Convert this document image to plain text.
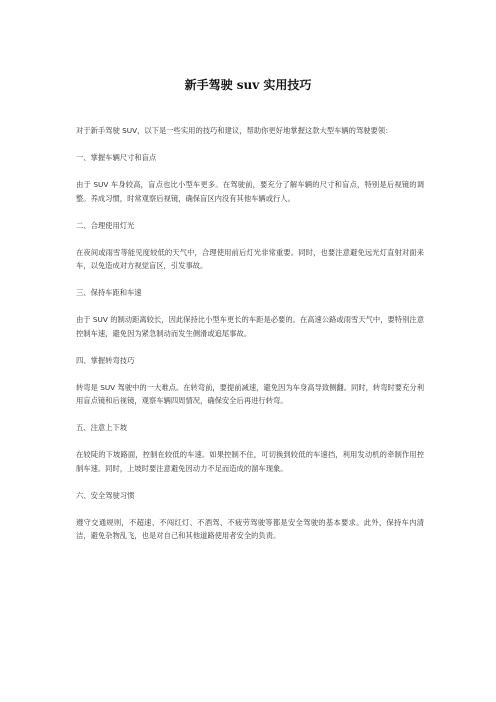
新手驾驶 suv 实用技巧

对于新手驾驶 SUV，以下是一些实用的技巧和建议，帮助你更好地掌握这款大型车辆的驾驶要领：

一、掌握车辆尺寸和盲点

由于 SUV 车身较高，盲点也比小型车更多。在驾驶前，要充分了解车辆的尺寸和盲点，特别是后视镜的调整。养成习惯，时常观察后视镜，确保盲区内没有其他车辆或行人。

二、合理使用灯光

在夜间或雨雪等能见度较低的天气中，合理使用前后灯光非常重要。同时，也要注意避免远光灯直射对面来车，以免造成对方视觉盲区，引发事故。

三、保持车距和车速

由于 SUV 的制动距离较长，因此保持比小型车更长的车距是必要的。在高速公路或雨雪天气中，要特别注意控制车速，避免因为紧急制动而发生侧滑或追尾事故。

四、掌握转弯技巧

转弯是 SUV 驾驶中的一大难点。在转弯前，要提前减速，避免因为车身高导致侧翻。同时，转弯时要充分利用盲点镜和后视镜，观察车辆四周情况，确保安全后再进行转弯。

五、注意上下坡

在较陡的下坡路面，控制在较低的车速。如果控制不住，可切换到较低的车速挡，利用发动机的牵制作用控制车速。同时，上坡时要注意避免因动力不足而造成的溜车现象。

六、安全驾驶习惯

遵守交通规则，不超速、不闯红灯、不酒驾、不疲劳驾驶等都是安全驾驶的基本要求。此外，保持车内清洁，避免杂物乱飞，也是对自己和其他道路使用者安全的负责。
